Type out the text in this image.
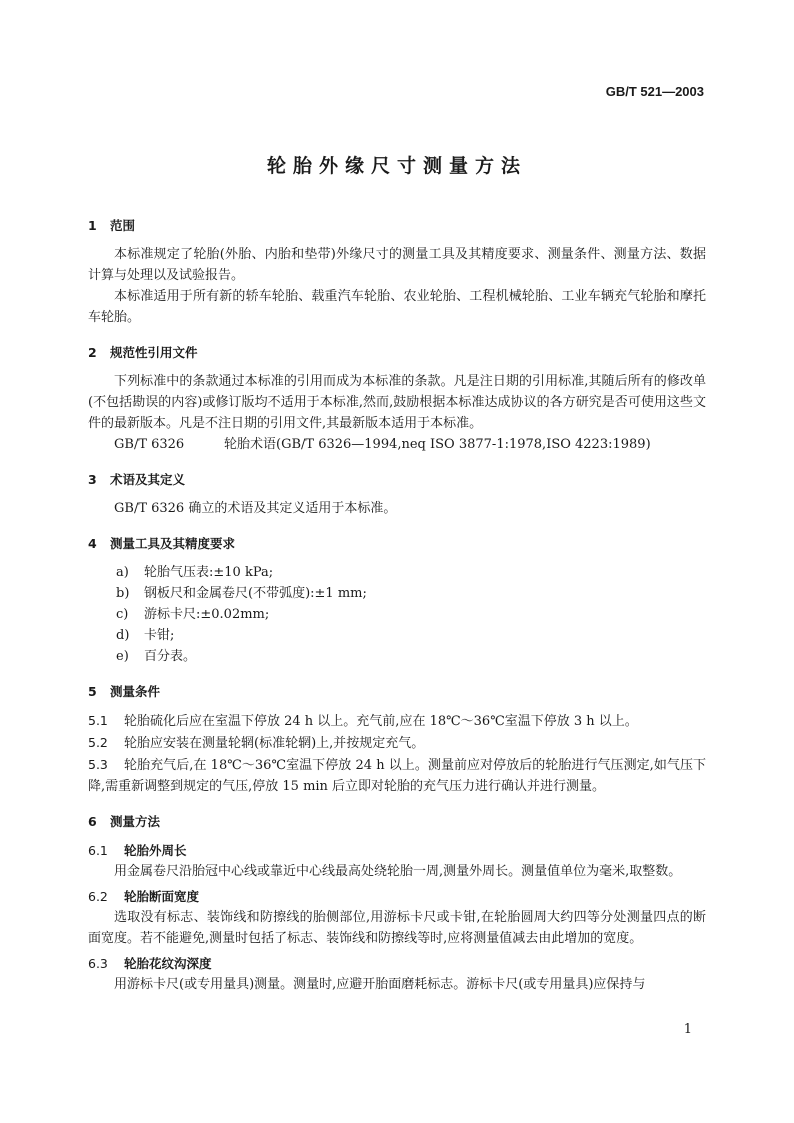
GB/T 521—2003
轮胎外缘尺寸测量方法
1 范围

本标准规定了轮胎(外胎、内胎和垫带)外缘尺寸的测量工具及其精度要求、测量条件、测量方法、数据计算与处理以及试验报告。

本标准适用于所有新的轿车轮胎、载重汽车轮胎、农业轮胎、工程机械轮胎、工业车辆充气轮胎和摩托车轮胎。

2 规范性引用文件

下列标准中的条款通过本标准的引用而成为本标准的条款。凡是注日期的引用标准,其随后所有的修改单(不包括勘误的内容)或修订版均不适用于本标准,然而,鼓励根据本标准达成协议的各方研究是否可使用这些文件的最新版本。凡是不注日期的引用文件,其最新版本适用于本标准。

GB/T 6326	轮胎术语(GB/T 6326—1994,neq ISO 3877-1:1978,ISO 4223:1989)

3 术语及其定义

GB/T 6326 确立的术语及其定义适用于本标准。

4 测量工具及其精度要求
a) 轮胎气压表:±10 kPa;
b) 钢板尺和金属卷尺(不带弧度):±1 mm;
c) 游标卡尺:±0.02mm;
d) 卡钳;
e) 百分表。
5 测量条件

5.1 轮胎硫化后应在室温下停放 24 h 以上。充气前,应在 18℃～36℃室温下停放 3 h 以上。

5.2 轮胎应安装在测量轮辋(标准轮辋)上,并按规定充气。

5.3 轮胎充气后,在 18℃～36℃室温下停放 24 h 以上。测量前应对停放后的轮胎进行气压测定,如气压下降,需重新调整到规定的气压,停放 15 min 后立即对轮胎的充气压力进行确认并进行测量。

6 测量方法
6.1 轮胎外周长

用金属卷尺沿胎冠中心线或靠近中心线最高处绕轮胎一周,测量外周长。测量值单位为毫米,取整数。

6.2 轮胎断面宽度

选取没有标志、装饰线和防擦线的胎侧部位,用游标卡尺或卡钳,在轮胎圆周大约四等分处测量四点的断面宽度。若不能避免,测量时包括了标志、装饰线和防擦线等时,应将测量值减去由此增加的宽度。

6.3 轮胎花纹沟深度

用游标卡尺(或专用量具)测量。测量时,应避开胎面磨耗标志。游标卡尺(或专用量具)应保持与

1
